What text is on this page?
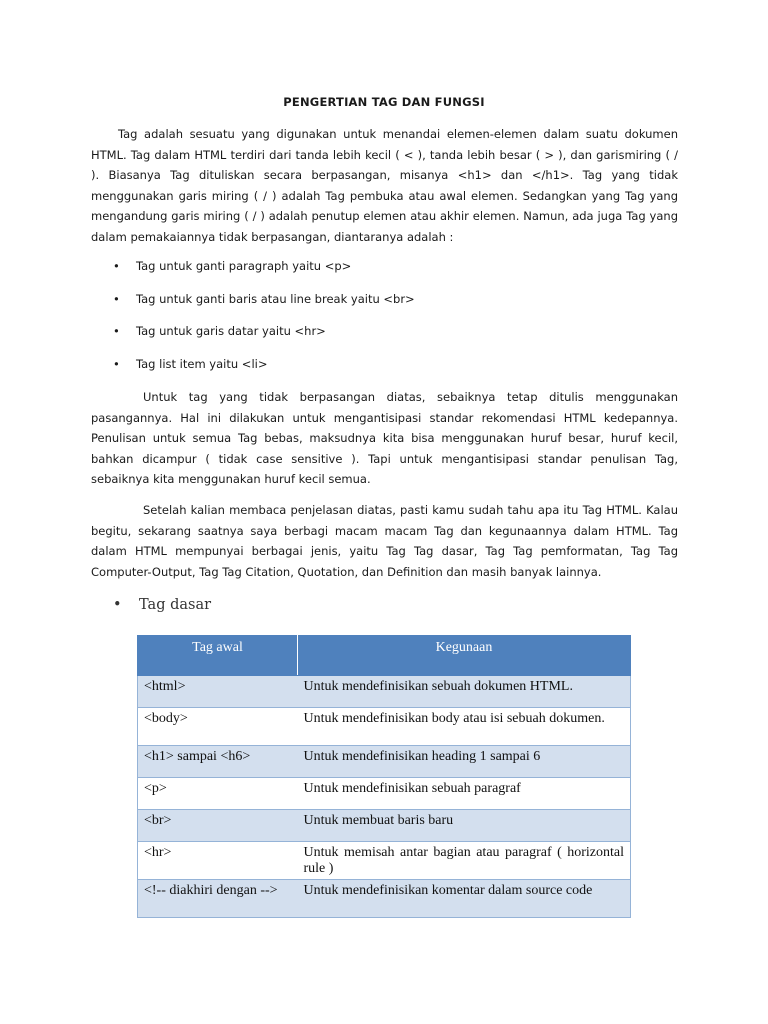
PENGERTIAN TAG DAN FUNGSI

Tag adalah sesuatu yang digunakan untuk menandai elemen-elemen dalam suatu dokumen HTML. Tag dalam HTML terdiri dari tanda lebih kecil ( < ), tanda lebih besar ( > ), dan garismiring ( / ). Biasanya Tag dituliskan secara berpasangan, misanya <h1> dan </h1>. Tag yang tidak menggunakan garis miring ( / ) adalah Tag pembuka atau awal elemen. Sedangkan yang Tag yang mengandung garis miring ( / ) adalah penutup elemen atau akhir elemen. Namun, ada juga Tag yang dalam pemakaiannya tidak berpasangan, diantaranya adalah :

• Tag untuk ganti paragraph yaitu <p>
• Tag untuk ganti baris atau line break yaitu <br>
• Tag untuk garis datar yaitu <hr>
• Tag list item yaitu <li>

Untuk tag yang tidak berpasangan diatas, sebaiknya tetap ditulis menggunakan pasangannya. Hal ini dilakukan untuk mengantisipasi standar rekomendasi HTML kedepannya. Penulisan untuk semua Tag bebas, maksudnya kita bisa menggunakan huruf besar, huruf kecil, bahkan dicampur ( tidak case sensitive ). Tapi untuk mengantisipasi standar penulisan Tag, sebaiknya kita menggunakan huruf kecil semua.

Setelah kalian membaca penjelasan diatas, pasti kamu sudah tahu apa itu Tag HTML. Kalau begitu, sekarang saatnya saya berbagi macam macam Tag dan kegunaannya dalam HTML. Tag dalam HTML mempunyai berbagai jenis, yaitu Tag Tag dasar, Tag Tag pemformatan, Tag Tag Computer-Output, Tag Tag Citation, Quotation, dan Definition dan masih banyak lainnya.

• Tag dasar
Tag awal	Kegunaan
<html>	Untuk mendefinisikan sebuah dokumen HTML.
<body>	Untuk mendefinisikan body atau isi sebuah dokumen.
<h1> sampai <h6>	Untuk mendefinisikan heading 1 sampai 6
<p>	Untuk mendefinisikan sebuah paragraf
<br>	Untuk membuat baris baru
<hr>	Untuk memisah antar bagian atau paragraf ( horizontal rule )
<!-- diakhiri dengan -->	Untuk mendefinisikan komentar dalam source code
